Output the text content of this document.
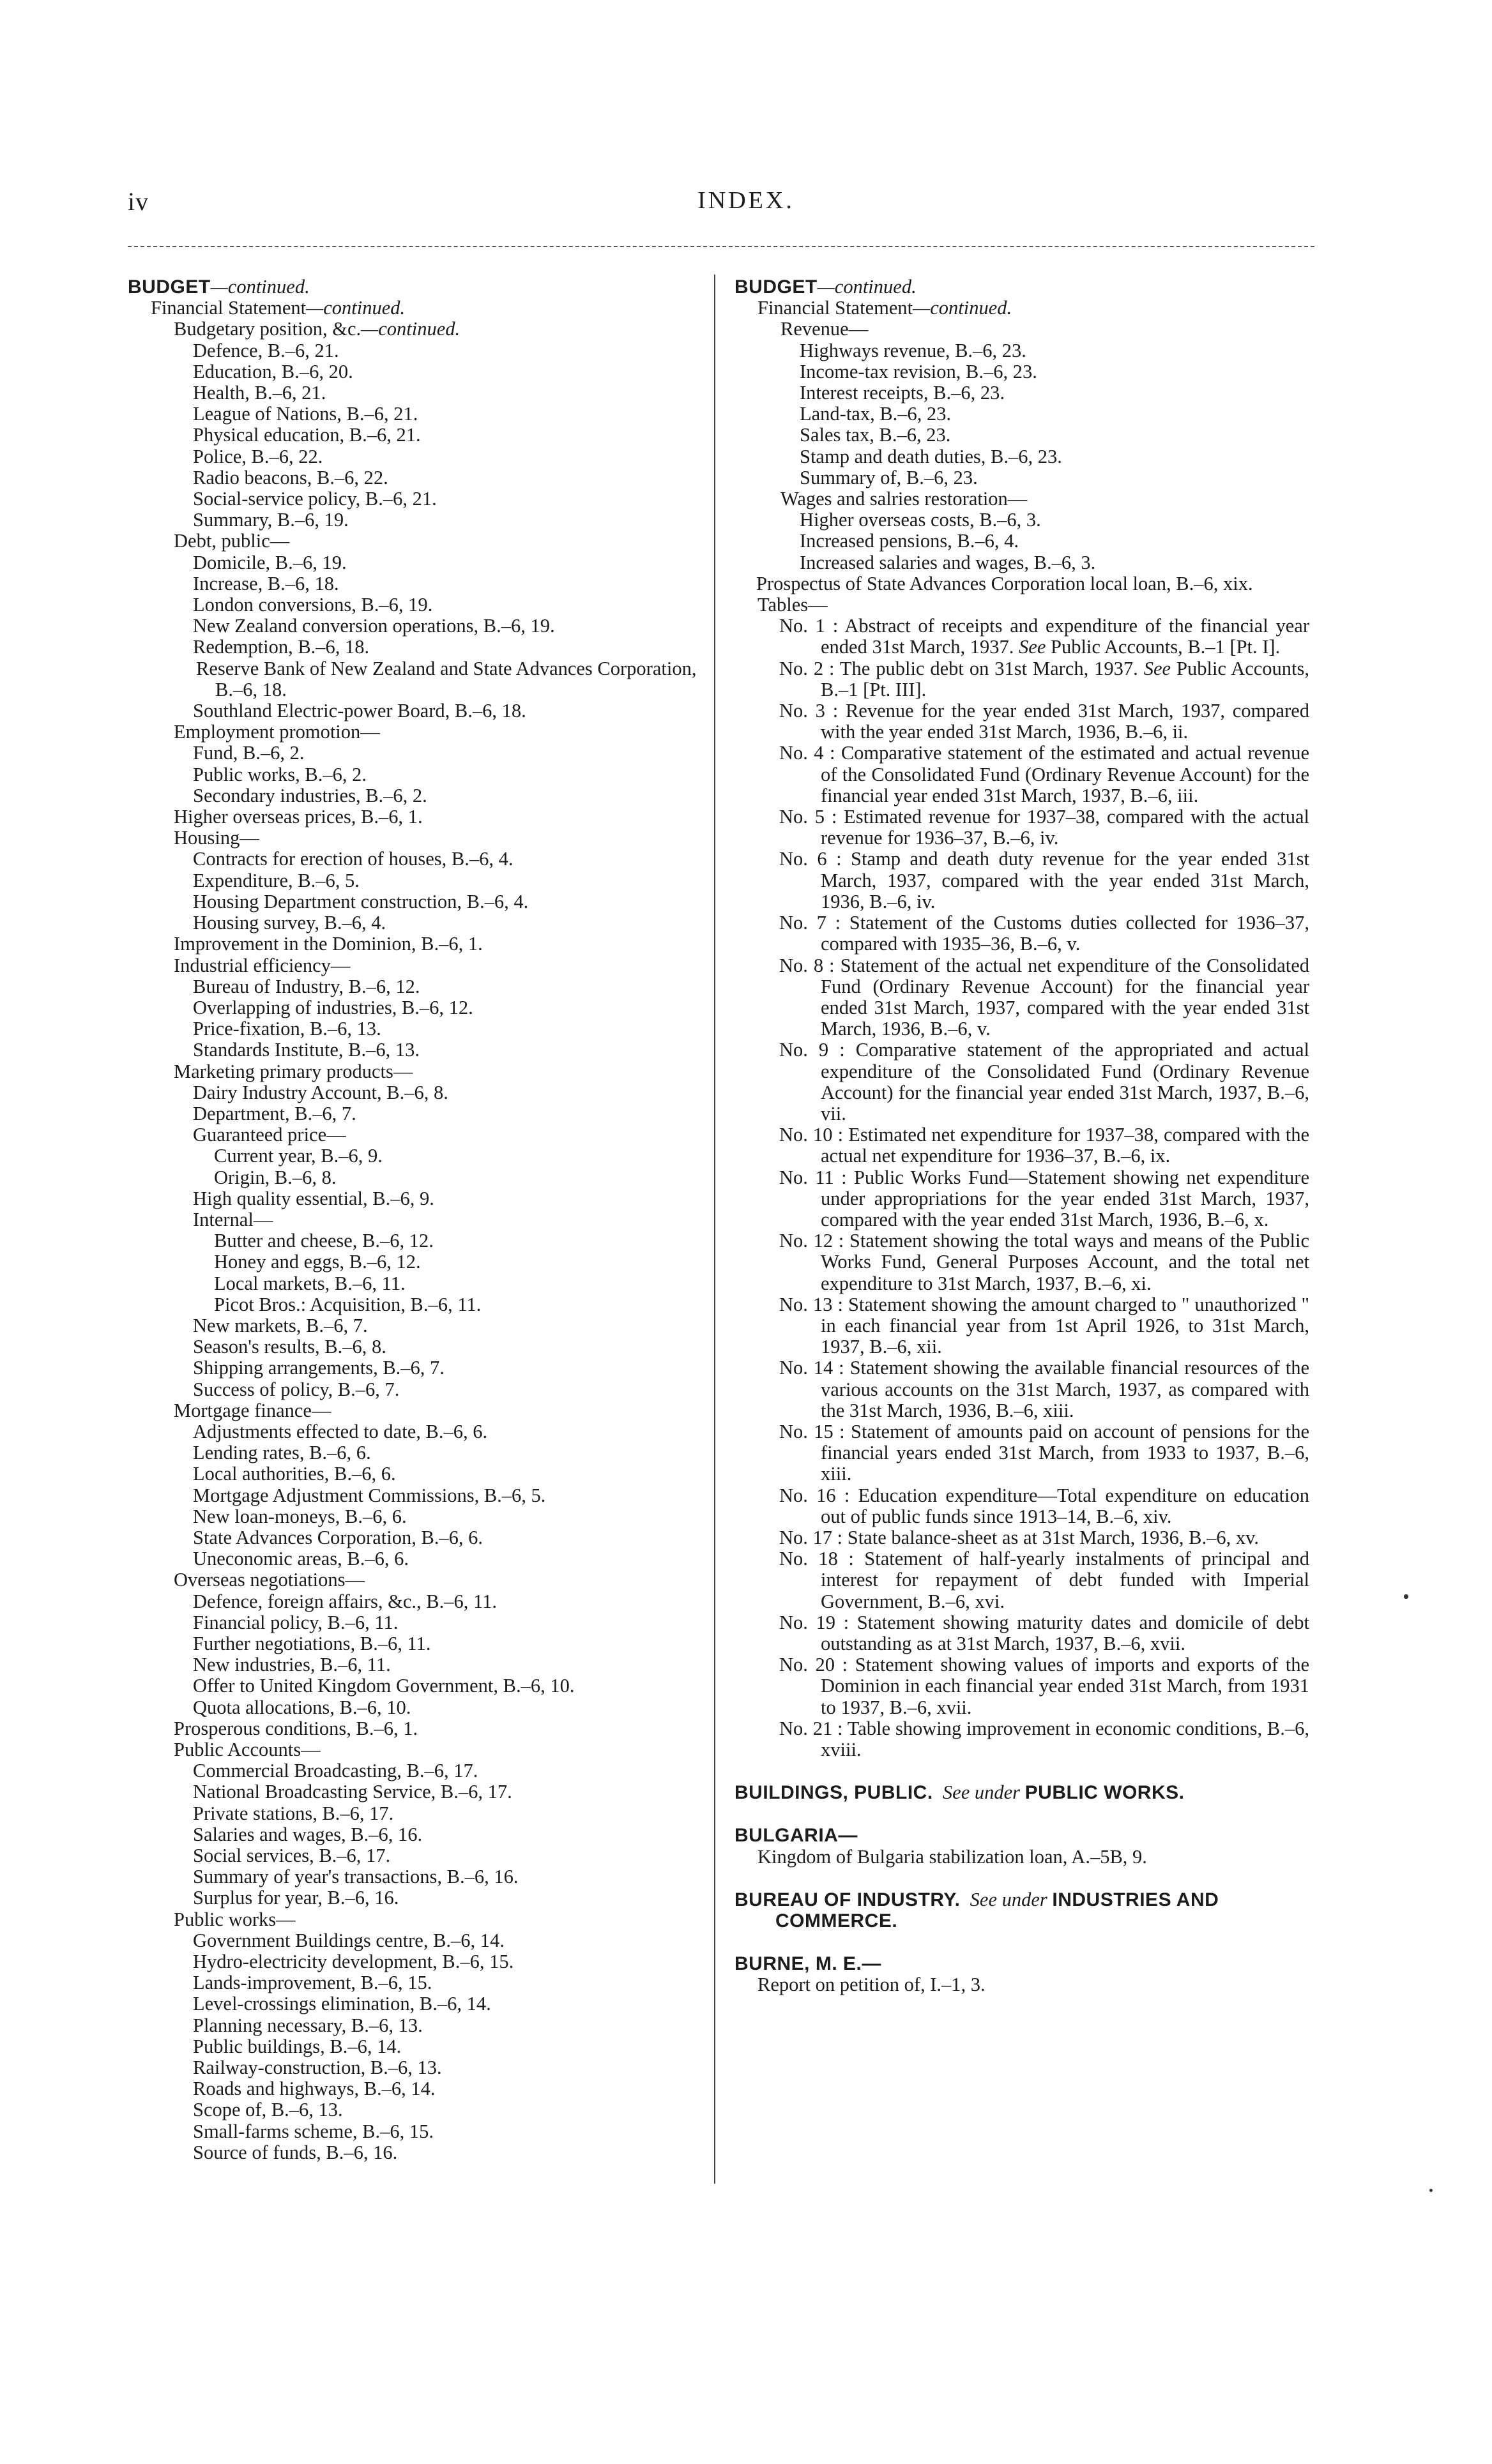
iv	INDEX.
BUDGET—continued.
Financial Statement—continued.
Budgetary position, &c.—continued.
Defence, B.–6, 21.
Education, B.–6, 20.
Health, B.–6, 21.
League of Nations, B.–6, 21.
Physical education, B.–6, 21.
Police, B.–6, 22.
Radio beacons, B.–6, 22.
Social-service policy, B.–6, 21.
Summary, B.–6, 19.
Debt, public—
Domicile, B.–6, 19.
Increase, B.–6, 18.
London conversions, B.–6, 19.
New Zealand conversion operations, B.–6, 19.
Redemption, B.–6, 18.
Reserve Bank of New Zealand and State Advances Corporation, B.–6, 18.
Southland Electric-power Board, B.–6, 18.
Employment promotion—
Fund, B.–6, 2.
Public works, B.–6, 2.
Secondary industries, B.–6, 2.
Higher overseas prices, B.–6, 1.
Housing—
Contracts for erection of houses, B.–6, 4.
Expenditure, B.–6, 5.
Housing Department construction, B.–6, 4.
Housing survey, B.–6, 4.
Improvement in the Dominion, B.–6, 1.
Industrial efficiency—
Bureau of Industry, B.–6, 12.
Overlapping of industries, B.–6, 12.
Price-fixation, B.–6, 13.
Standards Institute, B.–6, 13.
Marketing primary products—
Dairy Industry Account, B.–6, 8.
Department, B.–6, 7.
Guaranteed price—
Current year, B.–6, 9.
Origin, B.–6, 8.
High quality essential, B.–6, 9.
Internal—
Butter and cheese, B.–6, 12.
Honey and eggs, B.–6, 12.
Local markets, B.–6, 11.
Picot Bros.: Acquisition, B.–6, 11.
New markets, B.–6, 7.
Season's results, B.–6, 8.
Shipping arrangements, B.–6, 7.
Success of policy, B.–6, 7.
Mortgage finance—
Adjustments effected to date, B.–6, 6.
Lending rates, B.–6, 6.
Local authorities, B.–6, 6.
Mortgage Adjustment Commissions, B.–6, 5.
New loan-moneys, B.–6, 6.
State Advances Corporation, B.–6, 6.
Uneconomic areas, B.–6, 6.
Overseas negotiations—
Defence, foreign affairs, &c., B.–6, 11.
Financial policy, B.–6, 11.
Further negotiations, B.–6, 11.
New industries, B.–6, 11.
Offer to United Kingdom Government, B.–6, 10.
Quota allocations, B.–6, 10.
Prosperous conditions, B.–6, 1.
Public Accounts—
Commercial Broadcasting, B.–6, 17.
National Broadcasting Service, B.–6, 17.
Private stations, B.–6, 17.
Salaries and wages, B.–6, 16.
Social services, B.–6, 17.
Summary of year's transactions, B.–6, 16.
Surplus for year, B.–6, 16.
Public works—
Government Buildings centre, B.–6, 14.
Hydro-electricity development, B.–6, 15.
Lands-improvement, B.–6, 15.
Level-crossings elimination, B.–6, 14.
Planning necessary, B.–6, 13.
Public buildings, B.–6, 14.
Railway-construction, B.–6, 13.
Roads and highways, B.–6, 14.
Scope of, B.–6, 13.
Small-farms scheme, B.–6, 15.
Source of funds, B.–6, 16.
BUDGET—continued.
Financial Statement—continued.
Revenue—
Highways revenue, B.–6, 23.
Income-tax revision, B.–6, 23.
Interest receipts, B.–6, 23.
Land-tax, B.–6, 23.
Sales tax, B.–6, 23.
Stamp and death duties, B.–6, 23.
Summary of, B.–6, 23.
Wages and salries restoration—
Higher overseas costs, B.–6, 3.
Increased pensions, B.–6, 4.
Increased salaries and wages, B.–6, 3.
Prospectus of State Advances Corporation local loan, B.–6, xix.
Tables—
No. 1 : Abstract of receipts and expenditure of the financial year ended 31st March, 1937. See Public Accounts, B.–1 [Pt. I].
No. 2 : The public debt on 31st March, 1937. See Public Accounts, B.–1 [Pt. III].
No. 3 : Revenue for the year ended 31st March, 1937, compared with the year ended 31st March, 1936, B.–6, ii.
No. 4 : Comparative statement of the estimated and actual revenue of the Consolidated Fund (Ordinary Revenue Account) for the financial year ended 31st March, 1937, B.–6, iii.
No. 5 : Estimated revenue for 1937–38, compared with the actual revenue for 1936–37, B.–6, iv.
No. 6 : Stamp and death duty revenue for the year ended 31st March, 1937, compared with the year ended 31st March, 1936, B.–6, iv.
No. 7 : Statement of the Customs duties collected for 1936–37, compared with 1935–36, B.–6, v.
No. 8 : Statement of the actual net expenditure of the Consolidated Fund (Ordinary Revenue Account) for the financial year ended 31st March, 1937, compared with the year ended 31st March, 1936, B.–6, v.
No. 9 : Comparative statement of the appropriated and actual expenditure of the Consolidated Fund (Ordinary Revenue Account) for the financial year ended 31st March, 1937, B.–6, vii.
No. 10 : Estimated net expenditure for 1937–38, compared with the actual net expenditure for 1936–37, B.–6, ix.
No. 11 : Public Works Fund—Statement showing net expenditure under appropriations for the year ended 31st March, 1937, compared with the year ended 31st March, 1936, B.–6, x.
No. 12 : Statement showing the total ways and means of the Public Works Fund, General Purposes Account, and the total net expenditure to 31st March, 1937, B.–6, xi.
No. 13 : Statement showing the amount charged to " unauthorized " in each financial year from 1st April 1926, to 31st March, 1937, B.–6, xii.
No. 14 : Statement showing the available financial resources of the various accounts on the 31st March, 1937, as compared with the 31st March, 1936, B.–6, xiii.
No. 15 : Statement of amounts paid on account of pensions for the financial years ended 31st March, from 1933 to 1937, B.–6, xiii.
No. 16 : Education expenditure—Total expenditure on education out of public funds since 1913–14, B.–6, xiv.
No. 17 : State balance-sheet as at 31st March, 1936, B.–6, xv.
No. 18 : Statement of half-yearly instalments of principal and interest for repayment of debt funded with Imperial Government, B.–6, xvi.
No. 19 : Statement showing maturity dates and domicile of debt outstanding as at 31st March, 1937, B.–6, xvii.
No. 20 : Statement showing values of imports and exports of the Dominion in each financial year ended 31st March, from 1931 to 1937, B.–6, xvii.
No. 21 : Table showing improvement in economic conditions, B.–6, xviii.
BUILDINGS, PUBLIC. See under PUBLIC WORKS.
BULGARIA—
Kingdom of Bulgaria stabilization loan, A.–5B, 9.
BUREAU OF INDUSTRY. See under INDUSTRIES AND COMMERCE.
BURNE, M. E.—
Report on petition of, I.–1, 3.
